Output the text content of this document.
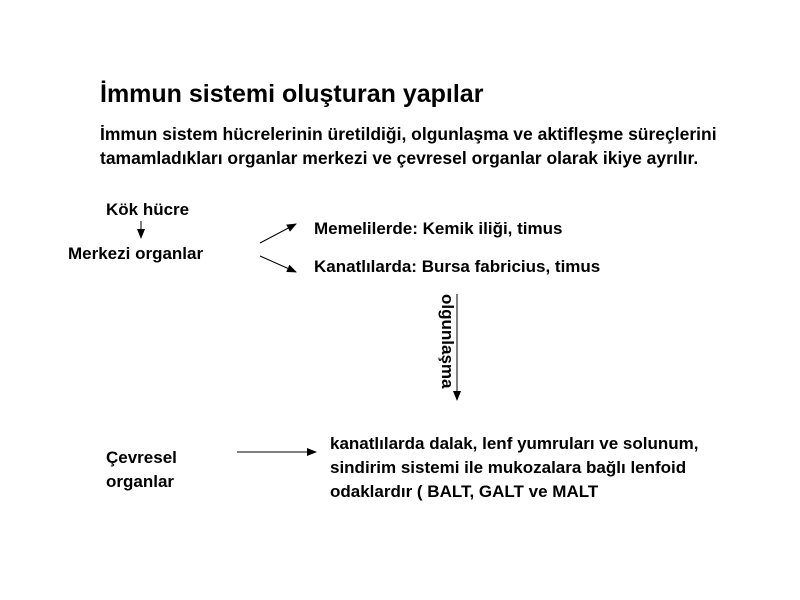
İmmun sistemi oluşturan yapılar
İmmun sistem hücrelerinin üretildiği, olgunlaşma ve aktifleşme süreçlerini tamamladıkları organlar merkezi ve çevresel organlar olarak ikiye ayrılır.
Kök hücre
Merkezi organlar
Memelilerde: Kemik iliği, timus
Kanatlılarda: Bursa fabricius, timus
olgunlaşma
Çevresel
organlar
kanatlılarda dalak, lenf yumruları ve solunum,
sindirim sistemi ile mukozalara bağlı lenfoid
odaklardır ( BALT, GALT ve MALT
